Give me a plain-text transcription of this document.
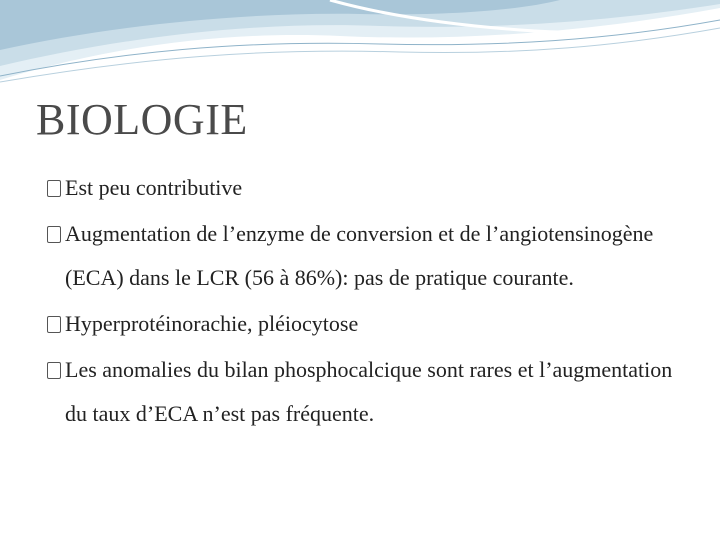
BIOLOGIE
Est peu contributive
Augmentation de l’enzyme de conversion et de l’angiotensinogène (ECA) dans le LCR (56 à 86%): pas de pratique courante.
Hyperprotéinorachie, pléiocytose
Les anomalies du bilan phosphocalcique sont rares et l’augmentation du taux d’ECA n’est pas fréquente.
